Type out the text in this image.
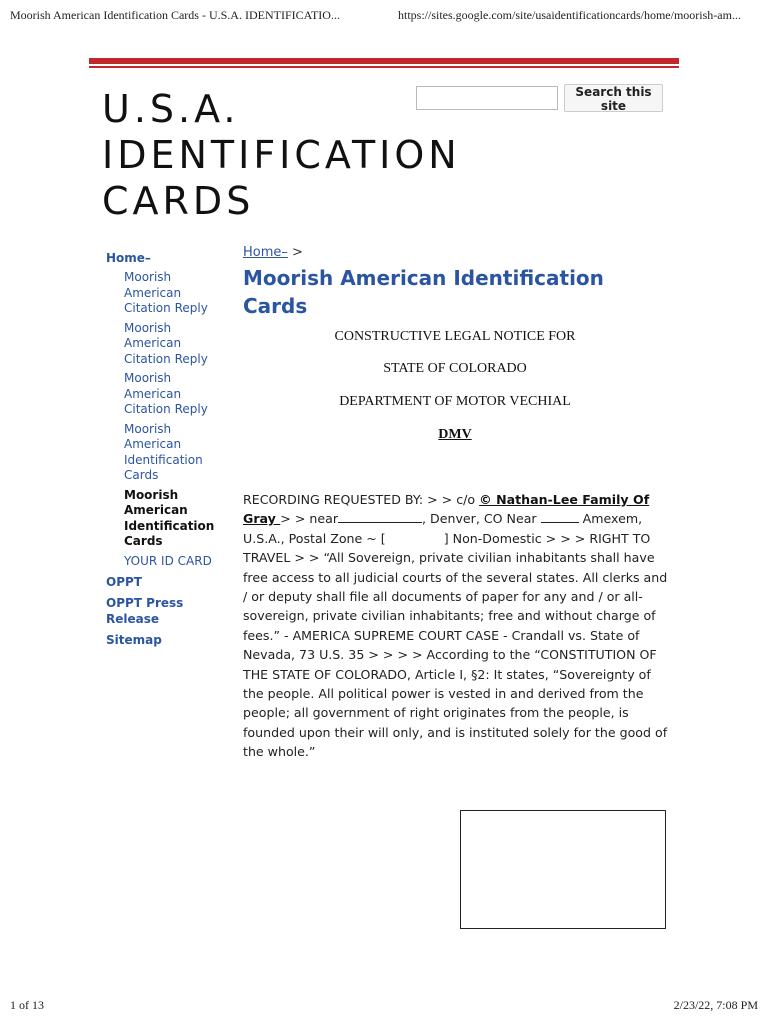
Moorish American Identification Cards - U.S.A. IDENTIFICATIO...	https://sites.google.com/site/usaidentificationcards/home/moorish-am...
U.S.A.
IDENTIFICATION
CARDS
Search this site
Home–
Moorish American Citation Reply
Moorish American Citation Reply
Moorish American Citation Reply
Moorish American Identification Cards
Moorish American Identification Cards
YOUR ID CARD
OPPT
OPPT Press Release
Sitemap
Home– >
Moorish American Identification Cards
CONSTRUCTIVE LEGAL NOTICE FOR
STATE OF COLORADO
DEPARTMENT OF MOTOR VECHIAL
DMV
RECORDING REQUESTED BY: > > c/o © Nathan-Lee Family Of Gray > > near	, Denver, CO Near	Amexem, U.S.A., Postal Zone ~ [	] Non-Domestic > > > RIGHT TO TRAVEL > > “All Sovereign, private civilian inhabitants shall have free access to all judicial courts of the several states. All clerks and / or deputy shall file all documents of paper for any and / or all-sovereign, private civilian inhabitants; free and without charge of fees.” - AMERICA SUPREME COURT CASE - Crandall vs. State of Nevada, 73 U.S. 35 > > > > According to the “CONSTITUTION OF THE STATE OF COLORADO, Article I, §2: It states, “Sovereignty of the people. All political power is vested in and derived from the people; all government of right originates from the people, is founded upon their will only, and is instituted solely for the good of the whole.”
1 of 13	2/23/22, 7:08 PM
